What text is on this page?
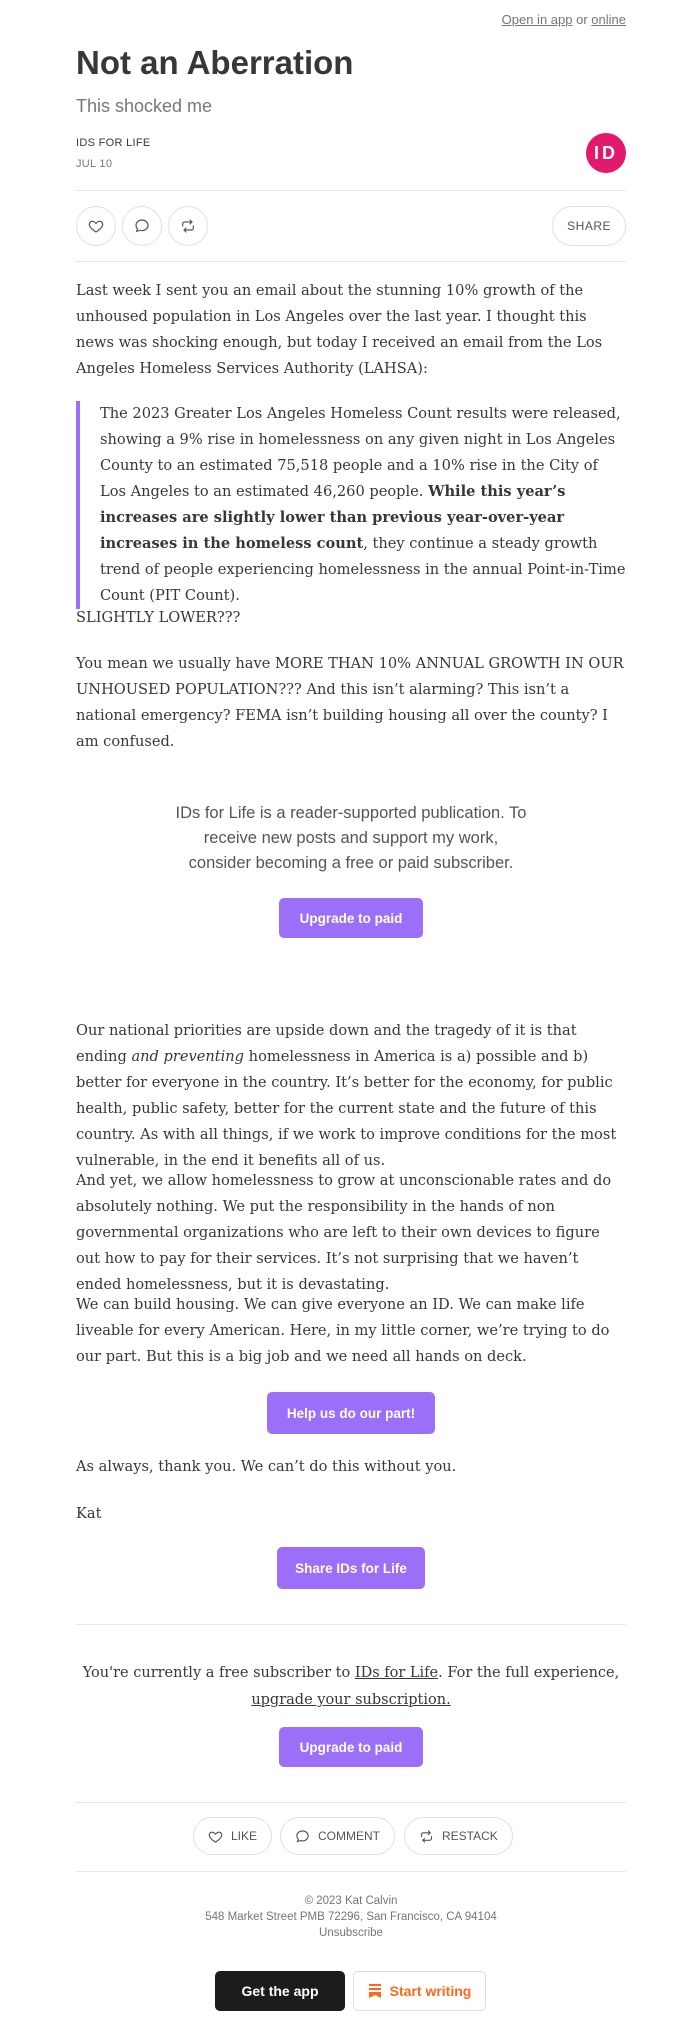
Open in app or online
Not an Aberration
This shocked me
IDS FOR LIFE
JUL 10
ID
SHARE

Last week I sent you an email about the stunning 10% growth of the unhoused population in Los Angeles over the last year. I thought this news was shocking enough, but today I received an email from the Los Angeles Homeless Services Authority (LAHSA):

The 2023 Greater Los Angeles Homeless Count results were released, showing a 9% rise in homelessness on any given night in Los Angeles County to an estimated 75,518 people and a 10% rise in the City of Los Angeles to an estimated 46,260 people. While this year’s increases are slightly lower than previous year-over-year increases in the homeless count, they continue a steady growth trend of people experiencing homelessness in the annual Point-in-Time Count (PIT Count).

SLIGHTLY LOWER???

You mean we usually have MORE THAN 10% ANNUAL GROWTH IN OUR UNHOUSED POPULATION??? And this isn’t alarming? This isn’t a national emergency? FEMA isn’t building housing all over the county? I am confused.

IDs for Life is a reader-supported publication. To receive new posts and support my work, consider becoming a free or paid subscriber.
Upgrade to paid

Our national priorities are upside down and the tragedy of it is that ending and preventing homelessness in America is a) possible and b) better for everyone in the country. It’s better for the economy, for public health, public safety, better for the current state and the future of this country. As with all things, if we work to improve conditions for the most vulnerable, in the end it benefits all of us.

And yet, we allow homelessness to grow at unconscionable rates and do absolutely nothing. We put the responsibility in the hands of non governmental organizations who are left to their own devices to figure out how to pay for their services. It’s not surprising that we haven’t ended homelessness, but it is devastating.

We can build housing. We can give everyone an ID. We can make life liveable for every American. Here, in my little corner, we’re trying to do our part. But this is a big job and we need all hands on deck.

Help us do our part!

As always, thank you. We can’t do this without you.

Kat

Share IDs for Life
You're currently a free subscriber to IDs for Life. For the full experience,
upgrade your subscription.
Upgrade to paid
LIKE	COMMENT	RESTACK
© 2023 Kat Calvin
548 Market Street PMB 72296, San Francisco, CA 94104
Unsubscribe
Get the app	Start writing
